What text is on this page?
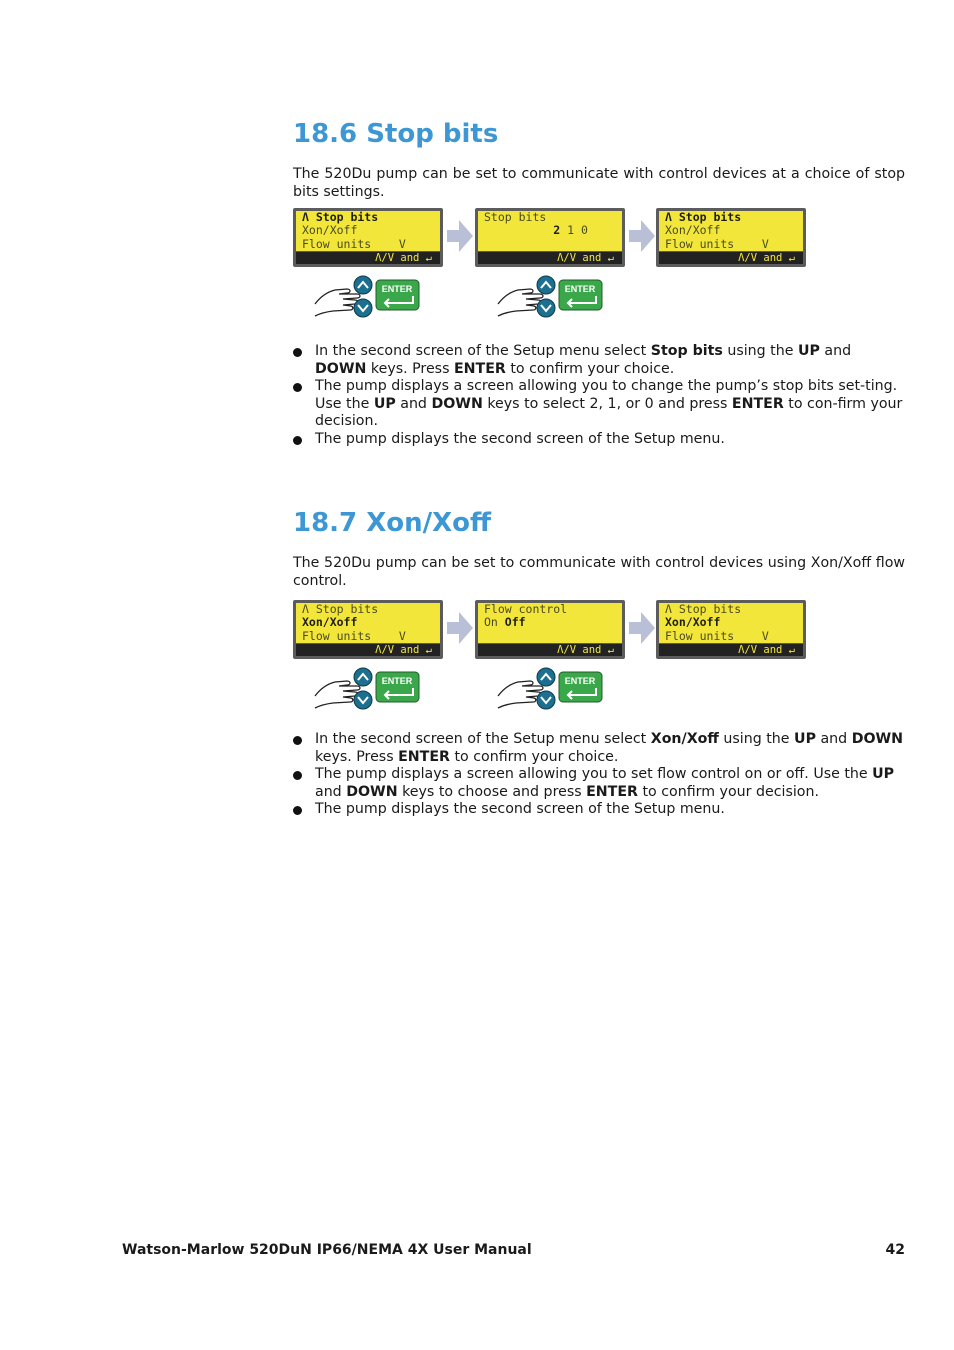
18.6 Stop bits

The 520Du pump can be set to communicate with control devices at a choice of stop bits settings.

Λ Stop bits
Xon/Xoff
Flow units    V
Λ/V and ↵
Stop bits
2 1 0

Λ/V and ↵
Λ Stop bits
Xon/Xoff
Flow units    V
Λ/V and ↵
ENTER	ENTER
In the second screen of the Setup menu select Stop bits using the UP and DOWN keys. Press ENTER to confirm your choice.
The pump displays a screen allowing you to change the pump’s stop bits set-ting. Use the UP and DOWN keys to select 2, 1, or 0 and press ENTER to con-firm your decision.
The pump displays the second screen of the Setup menu.
18.7 Xon/Xoff

The 520Du pump can be set to communicate with control devices using Xon/Xoff flow control.

Λ Stop bits
Xon/Xoff
Flow units    V
Λ/V and ↵
Flow control
On Off

Λ/V and ↵
Λ Stop bits
Xon/Xoff
Flow units    V
Λ/V and ↵
ENTER	ENTER
In the second screen of the Setup menu select Xon/Xoff using the UP and DOWN keys. Press ENTER to confirm your choice.
The pump displays a screen allowing you to set flow control on or off. Use the UP and DOWN keys to choose and press ENTER to confirm your decision.
The pump displays the second screen of the Setup menu.
Watson-Marlow 520DuN IP66/NEMA 4X User Manual	42
